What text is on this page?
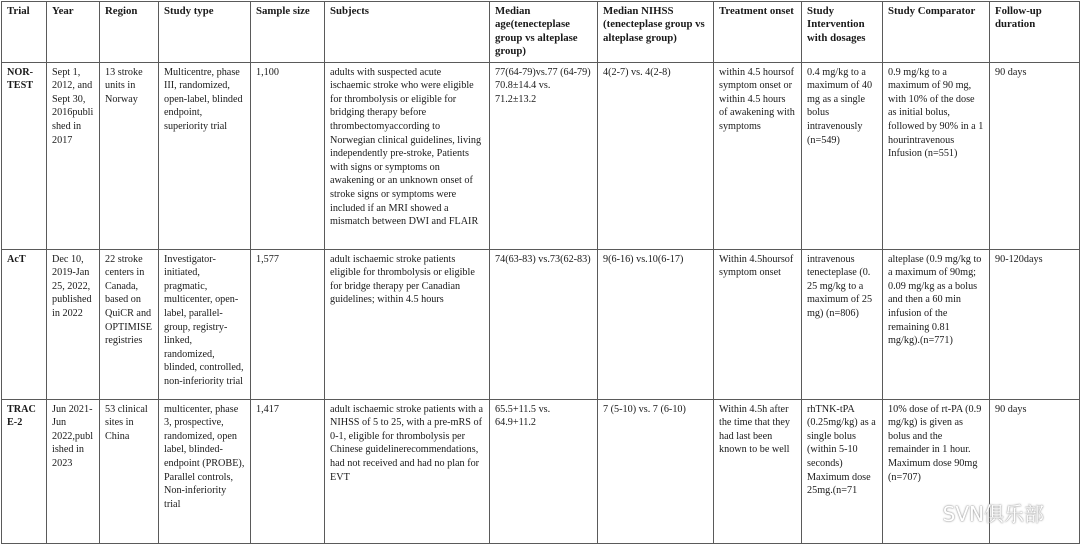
Trial	Year	Region	Study type	Sample size	Subjects	Median age(tenecteplase group vs alteplase group)	Median NIHSS (tenecteplase group vs alteplase group)	Treatment onset	Study Intervention with dosages	Study Comparator	Follow-up duration
NOR-TEST	Sept 1, 2012, and Sept 30, 2016published in 2017	13 stroke units in Norway	Multicentre, phase III, randomized, open-label, blinded endpoint, superiority trial	1,100	adults with suspected acute ischaemic stroke who were eligible for thrombolysis or eligible for bridging therapy before thrombectomyaccording to Norwegian clinical guidelines, living independently pre-stroke, Patients with signs or symptoms on awakening or an unknown onset of stroke signs or symptoms were included if an MRI showed a mismatch between DWI and FLAIR	77(64-79)vs.77 (64-79) 70.8±14.4 vs. 71.2±13.2	4(2-7) vs. 4(2-8)	within 4.5 hoursof symptom onset or within 4.5 hours of awakening with symptoms	0.4 mg/kg to a maximum of 40 mg as a single bolus intravenously (n=549)	0.9 mg/kg to a maximum of 90 mg, with 10% of the dose as initial bolus, followed by 90% in a 1 hourintravenous Infusion (n=551)	90 days
AcT	Dec 10, 2019-Jan 25, 2022, published in 2022	22 stroke centers in Canada, based on QuiCR and OPTIMISE registries	Investigator-initiated, pragmatic, multicenter, open-label, parallel-group, registry-linked, randomized, blinded, controlled, non-inferiority trial	1,577	adult ischaemic stroke patients eligible for thrombolysis or eligible for bridge therapy per Canadian guidelines; within 4.5 hours	74(63-83) vs.73(62-83)	9(6-16) vs.10(6-17)	Within 4.5hoursof symptom onset	intravenous tenecteplase (0. 25 mg/kg to a maximum of 25 mg) (n=806)	alteplase (0.9 mg/kg to a maximum of 90mg; 0.09 mg/kg as a bolus and then a 60 min infusion of the remaining 0.81 mg/kg).(n=771)	90-120days
TRACE-2	Jun 2021-Jun 2022,published in 2023	53 clinical sites in China	multicenter, phase 3, prospective, randomized, open label, blinded-endpoint (PROBE), Parallel controls, Non-inferiority trial	1,417	adult ischaemic stroke patients with a NIHSS of 5 to 25, with a pre-mRS of 0-1, eligible for thrombolysis per Chinese guidelinerecommendations, had not received and had no plan for EVT	65.5+11.5 vs. 64.9+11.2	7 (5-10) vs. 7 (6-10)	Within 4.5h after the time that they had last been known to be well	rhTNK-tPA (0.25mg/kg) as a single bolus (within 5-10 seconds) Maximum dose 25mg.(n=71	10% dose of rt-PA (0.9 mg/kg) is given as bolus and the remainder in 1 hour. Maximum dose 90mg (n=707)	90 days
SVN俱乐部
